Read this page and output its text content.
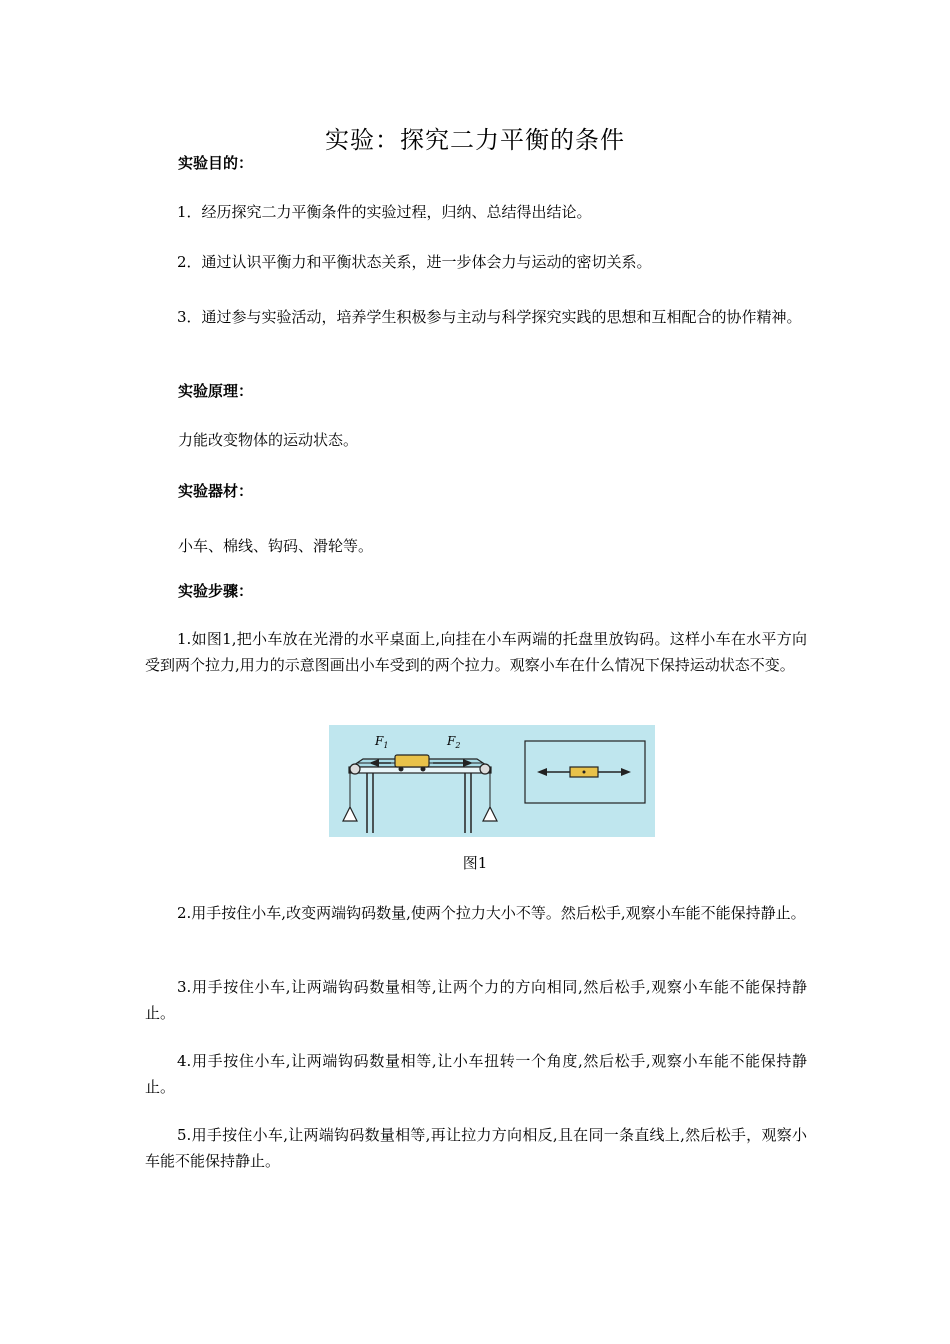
实验：探究二力平衡的条件
实验目的：
1．经历探究二力平衡条件的实验过程，归纳、总结得出结论。
2．通过认识平衡力和平衡状态关系，进一步体会力与运动的密切关系。
3．通过参与实验活动，培养学生积极参与主动与科学探究实践的思想和互相配合的协作精神。
实验原理：
力能改变物体的运动状态。
实验器材：
小车、棉线、钩码、滑轮等。
实验步骤：
1.如图1,把小车放在光滑的水平桌面上,向挂在小车两端的托盘里放钩码。这样小车在水平方向受到两个拉力,用力的示意图画出小车受到的两个拉力。观察小车在什么情况下保持运动状态不变。
$F_1$	$F_2$
图1
2.用手按住小车,改变两端钩码数量,使两个拉力大小不等。然后松手,观察小车能不能保持静止。
3.用手按住小车,让两端钩码数量相等,让两个力的方向相同,然后松手,观察小车能不能保持静止。
4.用手按住小车,让两端钩码数量相等,让小车扭转一个角度,然后松手,观察小车能不能保持静止。
5.用手按住小车,让两端钩码数量相等,再让拉力方向相反,且在同一条直线上,然后松手，观察小车能不能保持静止。
